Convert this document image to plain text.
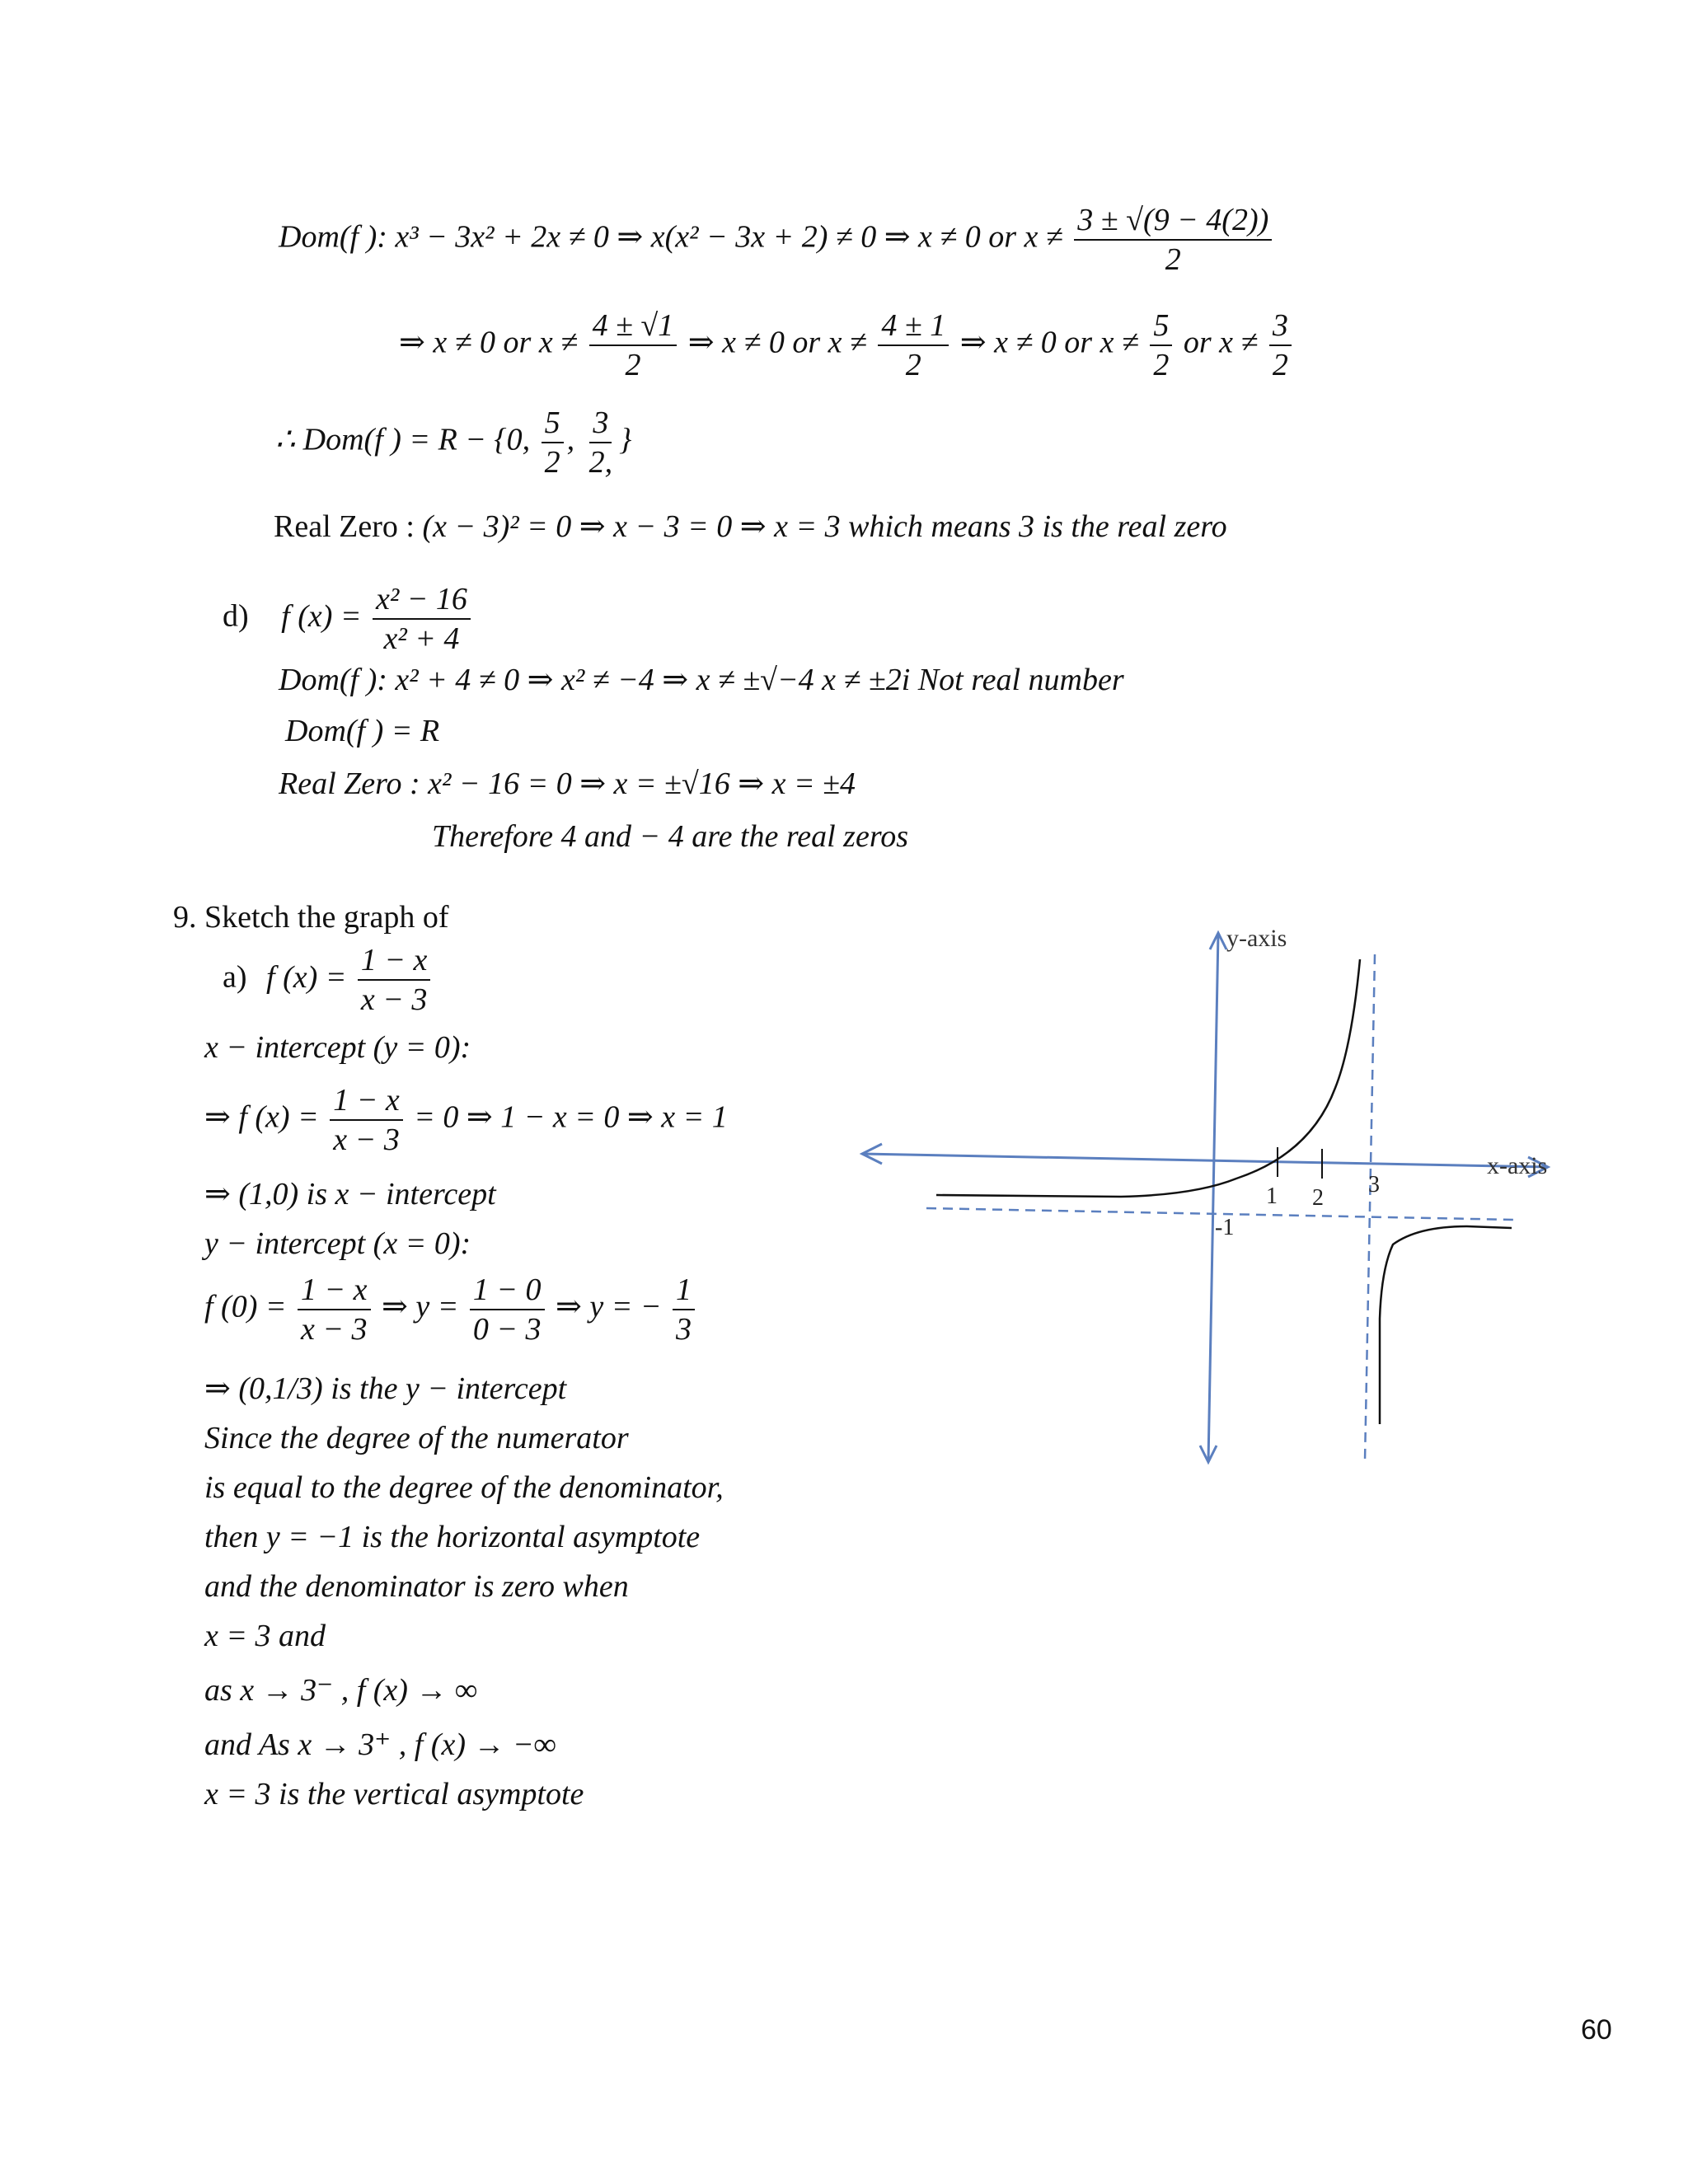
Dom(f ): x³ − 3x² + 2x ≠ 0 ⇒ x(x² − 3x + 2) ≠ 0 ⇒ x ≠ 0 or $x \ne \frac{3 \pm √(9 - 4(2))}{2}$
⇒ x ≠ 0 or $x \ne \frac{4 \pm √1}{2}$ ⇒ x ≠ 0 or $x \ne \frac{4 \pm 1}{2}$ ⇒ x ≠ 0 or $x \ne \frac{5}{2}$ or $x \ne \frac{3}{2}$
∴ Dom(f ) = R − {0, $\frac{5}{2}$ , $\frac{3}{2,}$ }
Real Zero : (x − 3)² = 0 ⇒ x − 3 = 0 ⇒ x = 3 which means 3 is the real zero
d) f $(x) = \frac{\text{x² − 16}}{\text{x² + 4}}$
Dom(f ): x² + 4 ≠ 0 ⇒ x² ≠ −4 ⇒ x ≠ ±√−4 x ≠ ±2i Not real number
Dom(f ) = R
Real Zero : x² − 16 = 0 ⇒ x = ±√16 ⇒ x = ±4
Therefore 4 and − 4 are the real zeros
9. Sketch the graph of
a) f $(x) = \frac{1 - x}{x - 3}$
x − intercept (y = 0):
⇒ f $(x) = \frac{1 - x}{x - 3} = 0$ ⇒ 1 − x = 0 ⇒ x = 1
⇒ (1,0) is x − intercept
y − intercept (x = 0):
f $(0) = \frac{1 - x}{x - 3}$ ⇒ $y = \frac{1 - 0}{0 - 3}$ ⇒ y = − $\frac{1}{3}$
⇒ (0,1/3) is the y − intercept
Since the degree of the numerator
is equal to the degree of the denominator,
then y = −1 is the horizontal asymptote
and the denominator is zero when
x = 3 and
as x → 3⁻ , f (x) → ∞
and As x → 3⁺ , f (x) → −∞
x = 3 is the vertical asymptote
y-axis
x-axis
1 2
3
-1
60
